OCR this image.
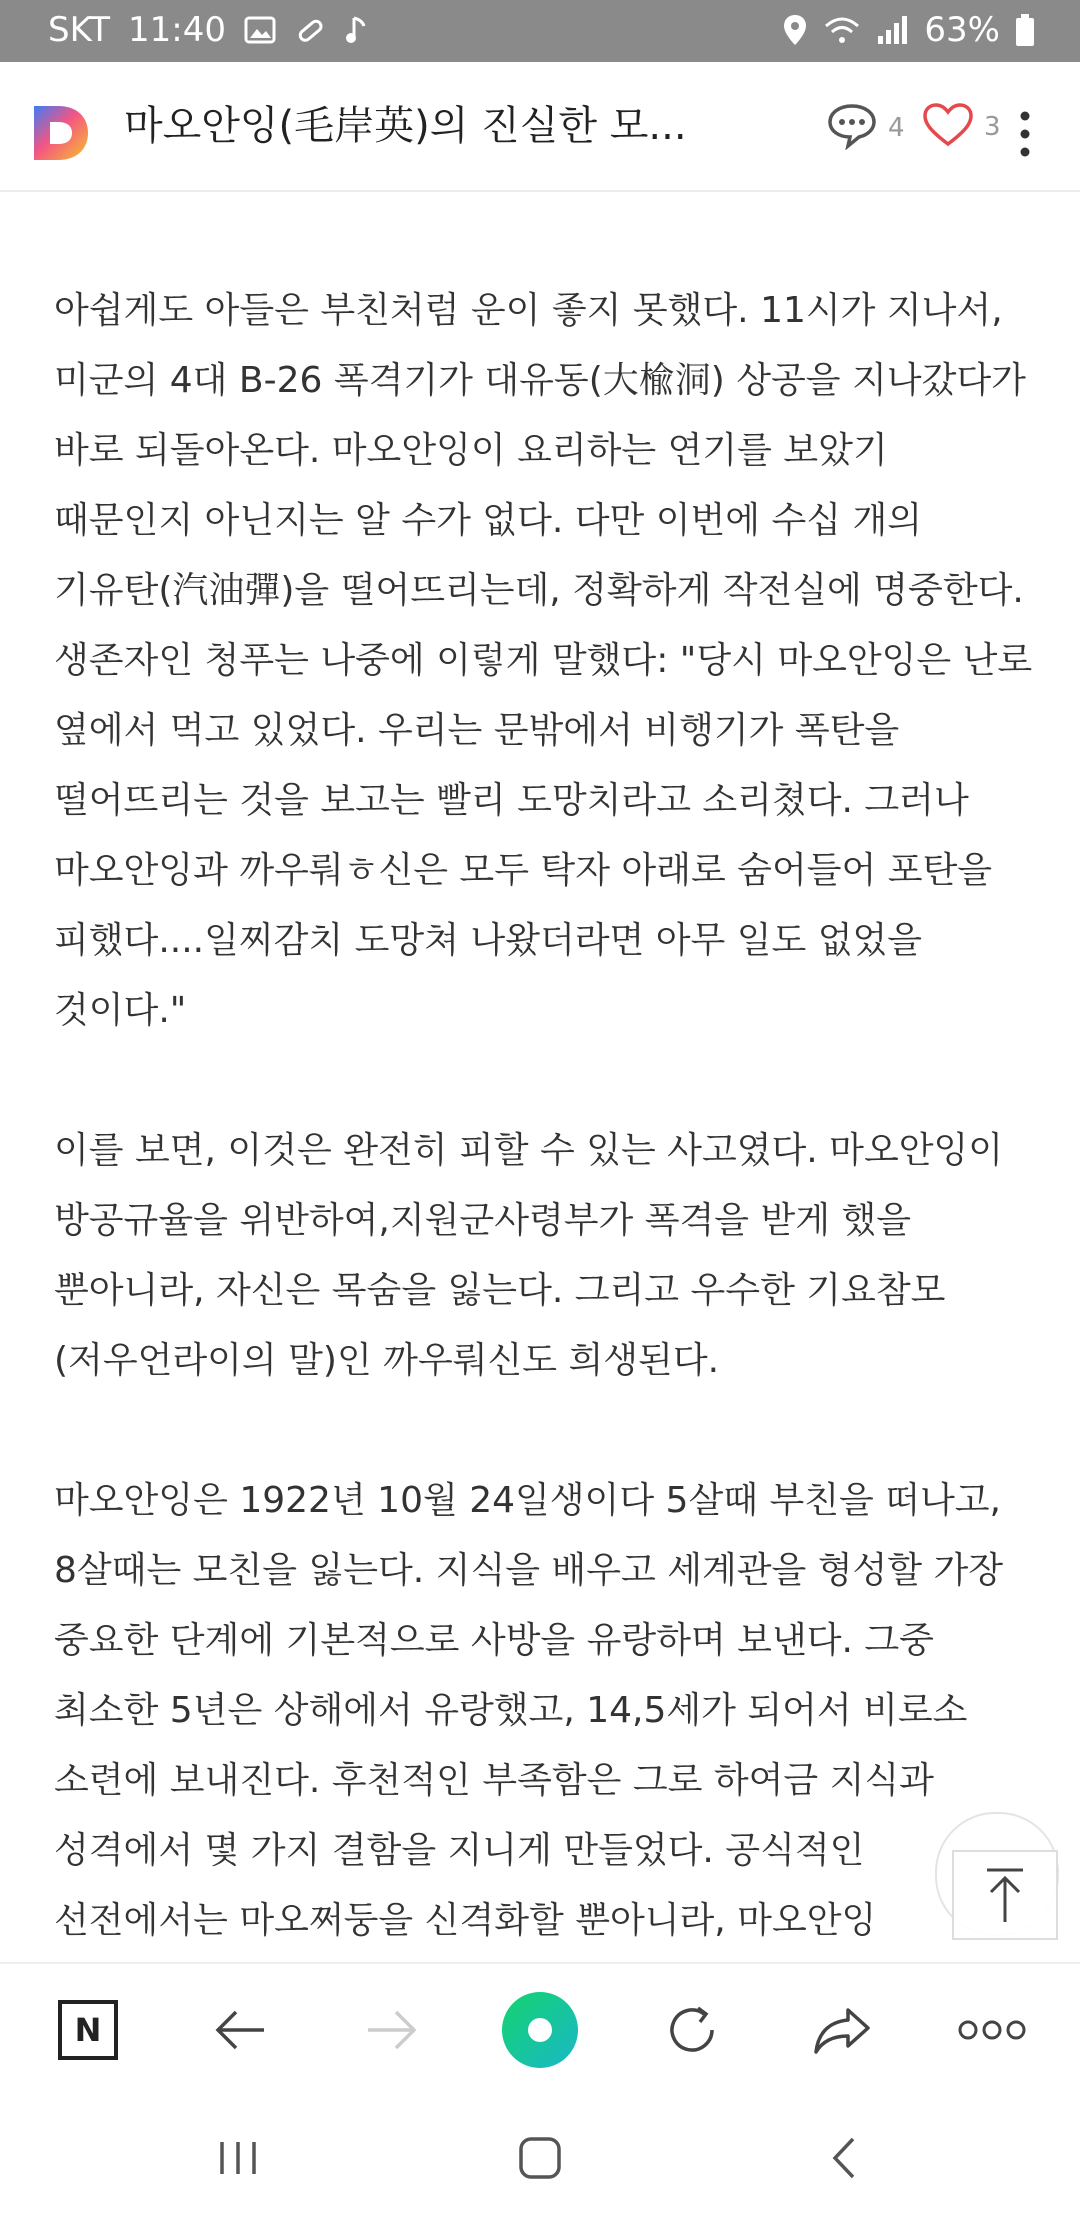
SKT 11:40	63%
마오안잉(毛岸英)의 진실한 모...	4	3

아쉽게도 아들은 부친처럼 운이 좋지 못했다. 11시가 지나서, 미군의 4대 B-26 폭격기가 대유동(大楡洞) 상공을 지나갔다가 바로 되돌아온다. 마오안잉이 요리하는 연기를 보았기 때문인지 아닌지는 알 수가 없다. 다만 이번에 수십 개의 기유탄(汽油彈)을 떨어뜨리는데, 정확하게 작전실에 명중한다. 생존자인 청푸는 나중에 이렇게 말했다: "당시 마오안잉은 난로 옆에서 먹고 있었다. 우리는 문밖에서 비행기가 폭탄을 떨어뜨리는 것을 보고는 빨리 도망치라고 소리쳤다. 그러나 마오안잉과 까우뤄ㅎ신은 모두 탁자 아래로 숨어들어 포탄을 피했다....일찌감치 도망쳐 나왔더라면 아무 일도 없었을 것이다."

이를 보면, 이것은 완전히 피할 수 있는 사고였다. 마오안잉이 방공규율을 위반하여,지원군사령부가 폭격을 받게 했을 뿐아니라, 자신은 목숨을 잃는다. 그리고 우수한 기요참모(저우언라이의 말)인 까우뤄신도 희생된다.

마오안잉은 1922년 10월 24일생이다 5살때 부친을 떠나고, 8살때는 모친을 잃는다. 지식을 배우고 세계관을 형성할 가장 중요한 단계에 기본적으로 사방을 유랑하며 보낸다. 그중 최소한 5년은 상해에서 유랑했고, 14,5세가 되어서 비로소 소련에 보내진다. 후천적인 부족함은 그로 하여금 지식과 성격에서 몇 가지 결함을 지니게 만들었다. 공식적인 선전에서는 마오쩌둥을 신격화할 뿐아니라, 마오안잉

N
